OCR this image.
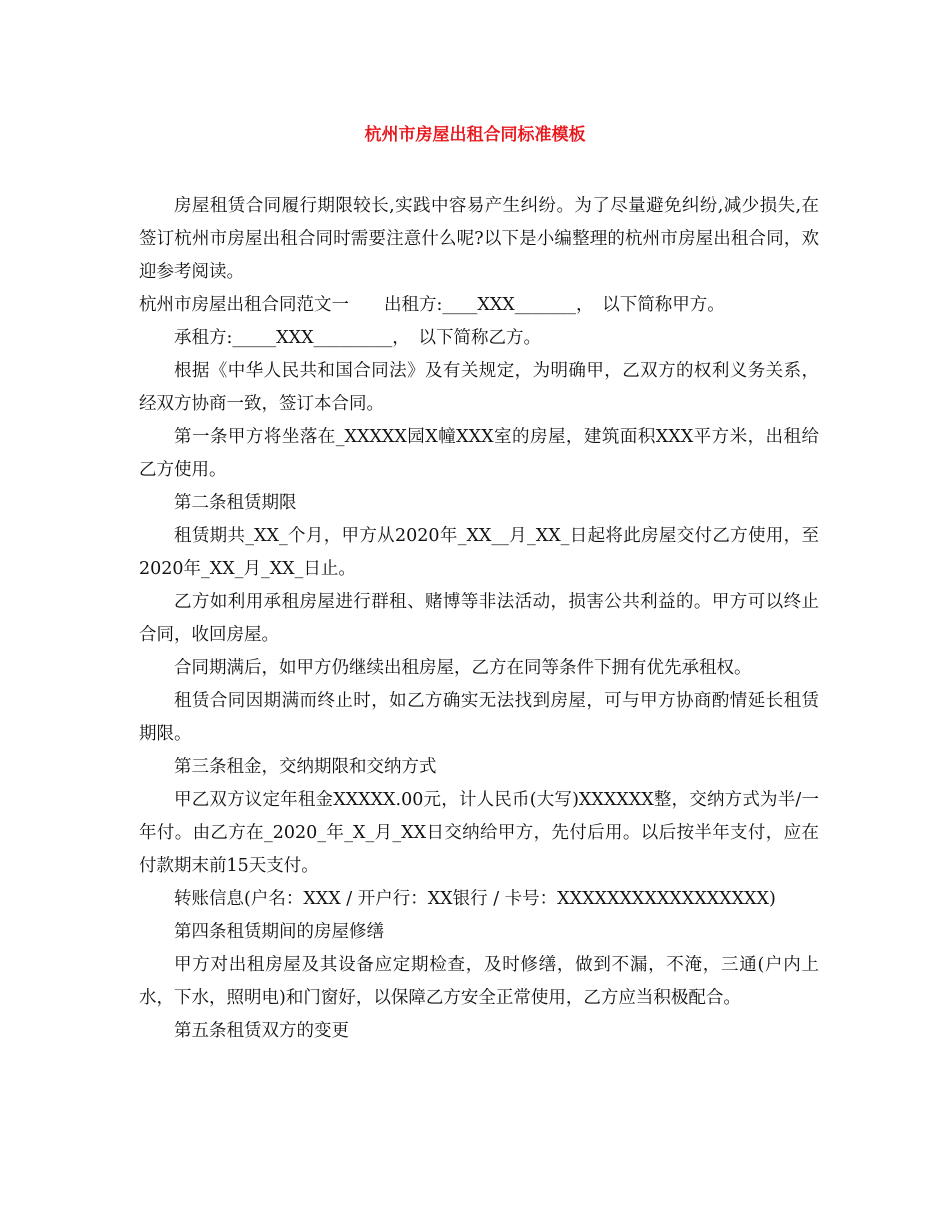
杭州市房屋出租合同标准模板

房屋租赁合同履行期限较长,实践中容易产生纠纷。为了尽量避免纠纷,减少损失,在签订杭州市房屋出租合同时需要注意什么呢?以下是小编整理的杭州市房屋出租合同，欢迎参考阅读。

杭州市房屋出租合同范文一　　出租方:____XXX_______，　以下简称甲方。

承租方:_____XXX_________，　以下简称乙方。

根据《中华人民共和国合同法》及有关规定，为明确甲，乙双方的权利义务关系，经双方协商一致，签订本合同。

第一条甲方将坐落在_XXXXX园X幢XXX室的房屋，建筑面积XXX平方米，出租给乙方使用。

第二条租赁期限

租赁期共_XX_个月，甲方从2020年_XX__月_XX_日起将此房屋交付乙方使用，至2020年_XX_月_XX_日止。

乙方如利用承租房屋进行群租、赌博等非法活动，损害公共利益的。甲方可以终止合同，收回房屋。

合同期满后，如甲方仍继续出租房屋，乙方在同等条件下拥有优先承租权。

租赁合同因期满而终止时，如乙方确实无法找到房屋，可与甲方协商酌情延长租赁期限。

第三条租金，交纳期限和交纳方式

甲乙双方议定年租金XXXXX.00元，计人民币(大写)XXXXXX整，交纳方式为半/一年付。由乙方在_2020_年_X_月_XX日交纳给甲方，先付后用。以后按半年支付，应在付款期末前15天支付。

转账信息(户名：XXX / 开户行：XX银行 / 卡号：XXXXXXXXXXXXXXXXX)

第四条租赁期间的房屋修缮

甲方对出租房屋及其设备应定期检查，及时修缮，做到不漏，不淹，三通(户内上水，下水，照明电)和门窗好，以保障乙方安全正常使用，乙方应当积极配合。

第五条租赁双方的变更
